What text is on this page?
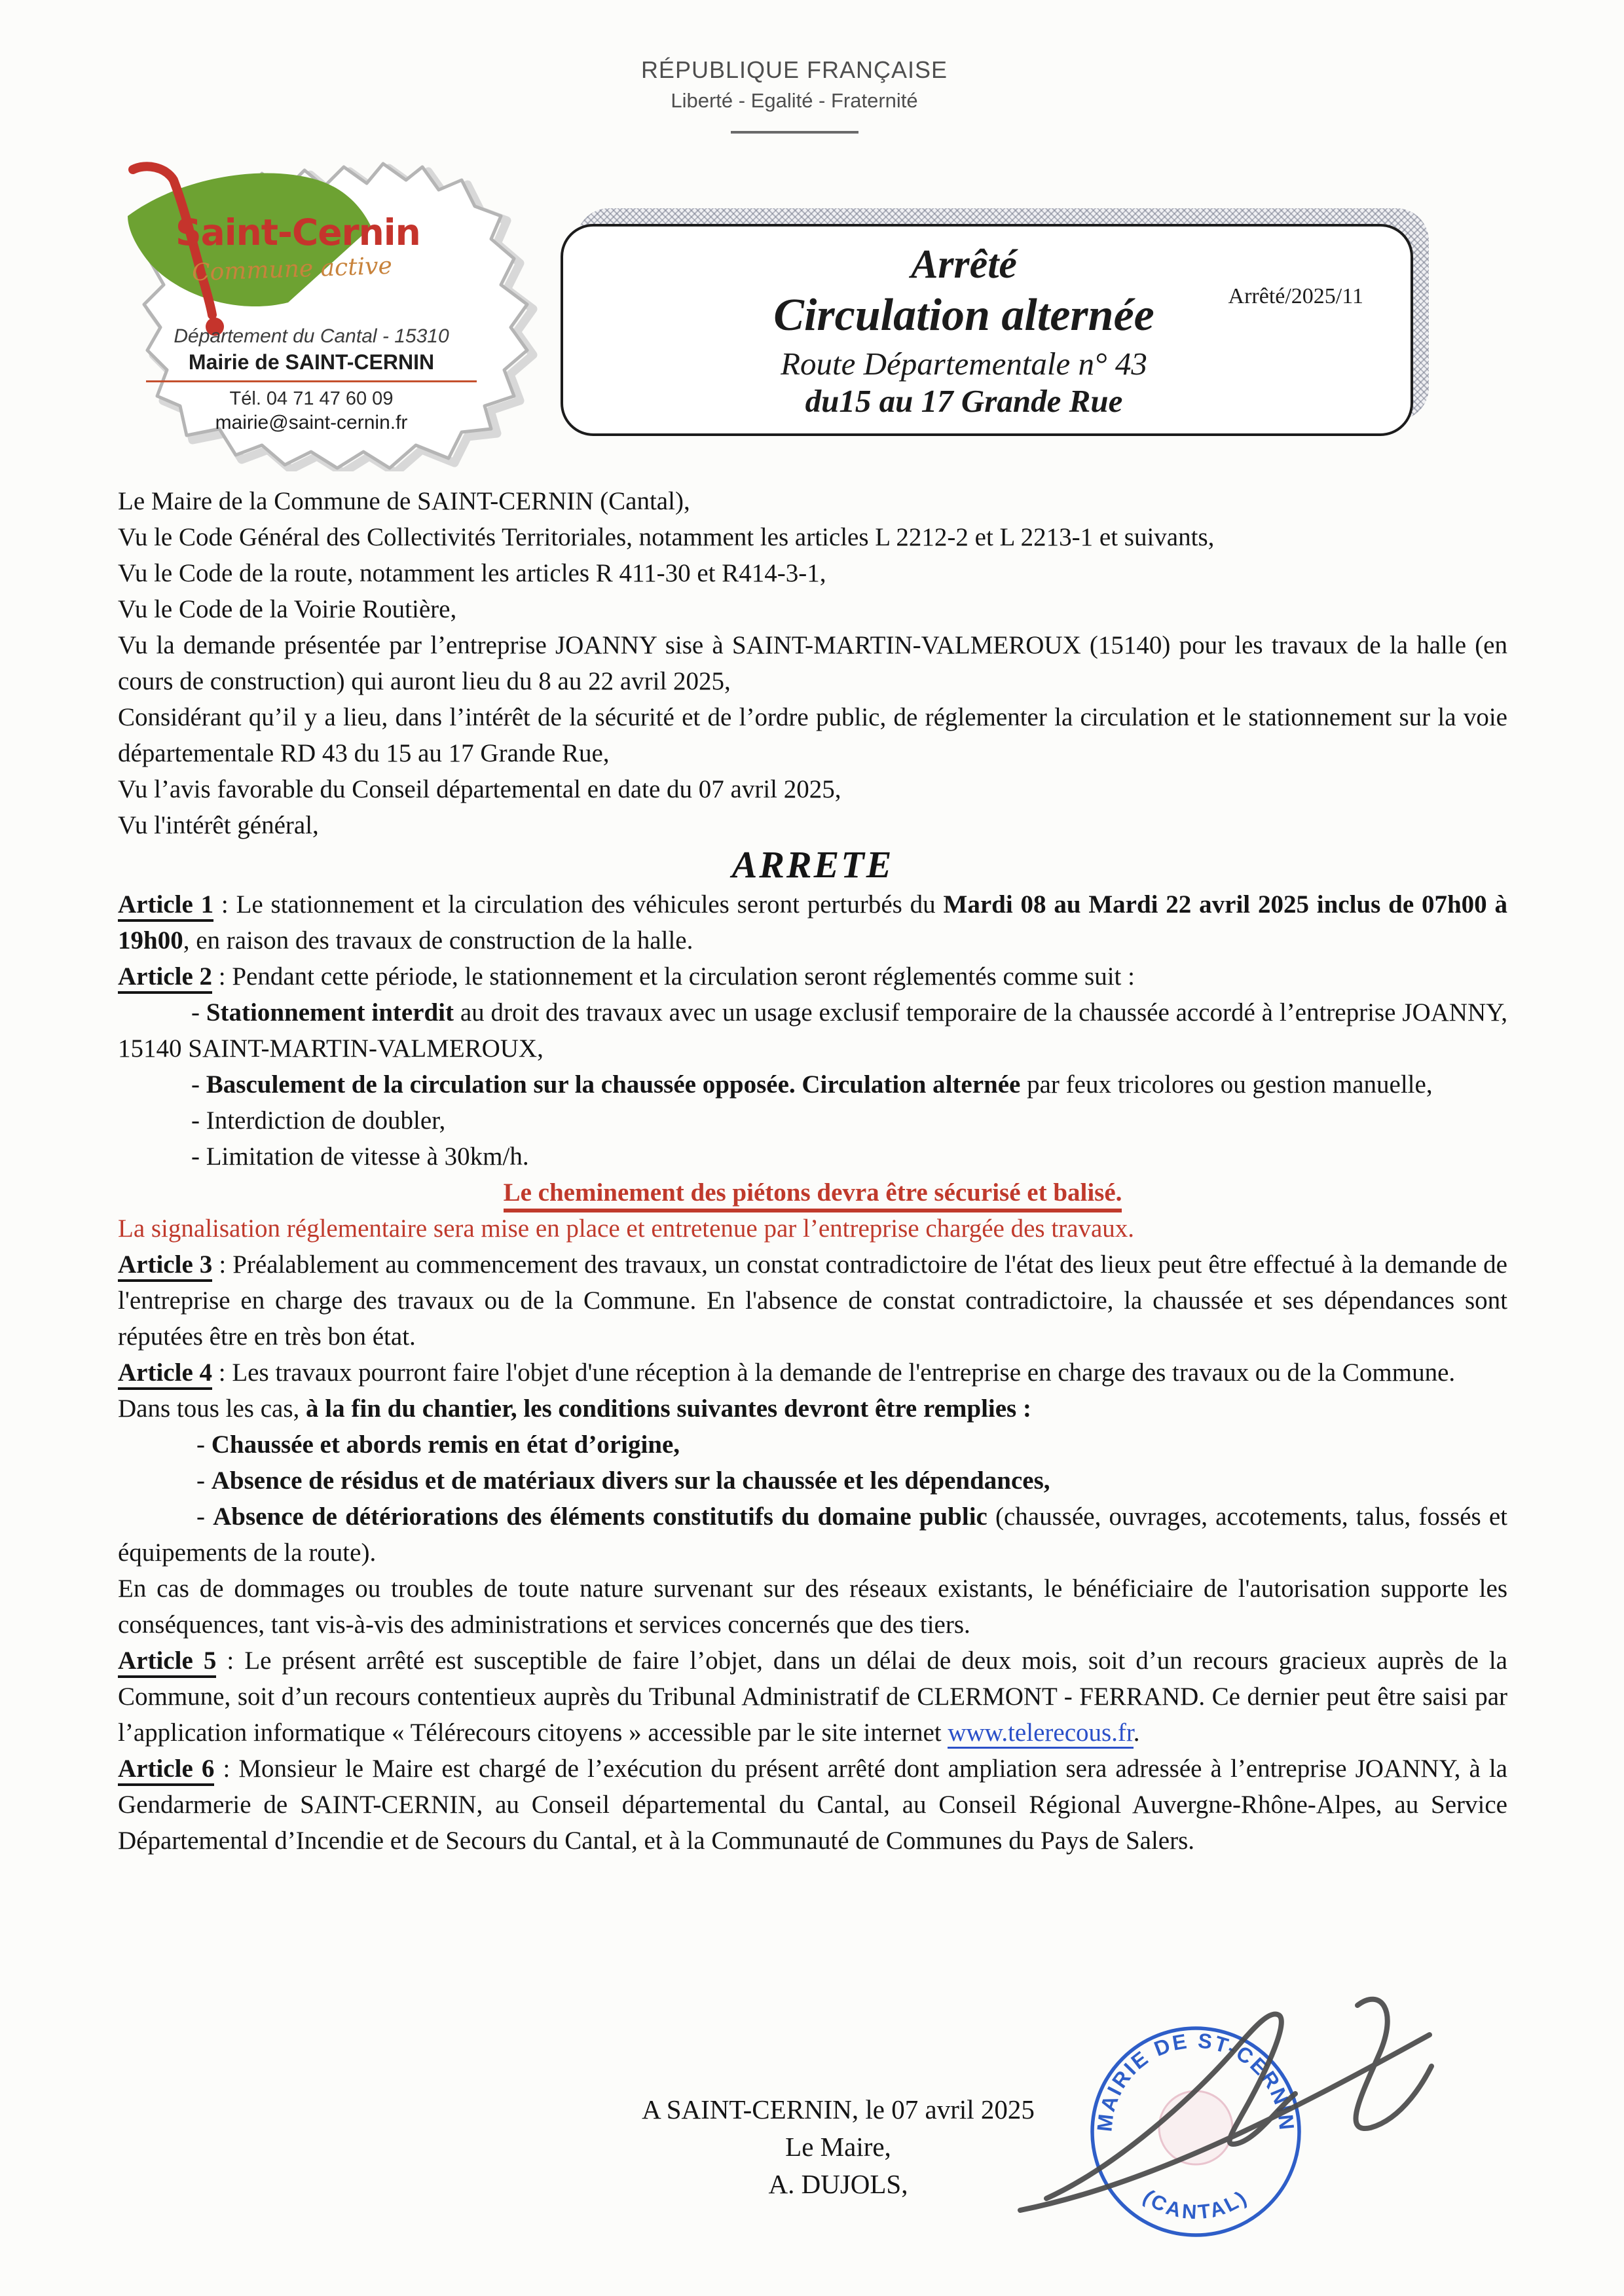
RÉPUBLIQUE FRANÇAISE
Liberté - Egalité - Fraternité
Saint-Cernin
Commune active
Département du Cantal - 15310
Mairie de SAINT-CERNIN
Tél. 04 71 47 60 09
mairie@saint-cernin.fr
Arrêté
Circulation alternée
Route Départementale n° 43
du15 au 17 Grande Rue
Arrêté/2025/11

Le Maire de la Commune de SAINT-CERNIN (Cantal),

Vu le Code Général des Collectivités Territoriales, notamment les articles L 2212-2 et L 2213-1 et suivants,

Vu le Code de la route, notamment les articles R 411-30 et R414-3-1,

Vu le Code de la Voirie Routière,

Vu la demande présentée par l’entreprise JOANNY sise à SAINT-MARTIN-VALMEROUX (15140) pour les travaux de la halle (en cours de construction) qui auront lieu du 8 au 22 avril 2025,

Considérant qu’il y a lieu, dans l’intérêt de la sécurité et de l’ordre public, de réglementer la circulation et le stationnement sur la voie départementale RD 43 du 15 au 17 Grande Rue,

Vu l’avis favorable du Conseil départemental en date du 07 avril 2025,

Vu l'intérêt général,

ARRETE

Article 1 : Le stationnement et la circulation des véhicules seront perturbés du Mardi 08 au Mardi 22 avril 2025 inclus de 07h00 à 19h00, en raison des travaux de construction de la halle.

Article 2 : Pendant cette période, le stationnement et la circulation seront réglementés comme suit :

- Stationnement interdit au droit des travaux avec un usage exclusif temporaire de la chaussée accordé à l’entreprise JOANNY, 15140 SAINT-MARTIN-VALMEROUX,

- Basculement de la circulation sur la chaussée opposée. Circulation alternée par feux tricolores ou gestion manuelle,

- Interdiction de doubler,

- Limitation de vitesse à 30km/h.

Le cheminement des piétons devra être sécurisé et balisé.

La signalisation réglementaire sera mise en place et entretenue par l’entreprise chargée des travaux.

Article 3 : Préalablement au commencement des travaux, un constat contradictoire de l'état des lieux peut être effectué à la demande de l'entreprise en charge des travaux ou de la Commune. En l'absence de constat contradictoire, la chaussée et ses dépendances sont réputées être en très bon état.

Article 4 : Les travaux pourront faire l'objet d'une réception à la demande de l'entreprise en charge des travaux ou de la Commune.

Dans tous les cas, à la fin du chantier, les conditions suivantes devront être remplies :

- Chaussée et abords remis en état d’origine,

- Absence de résidus et de matériaux divers sur la chaussée et les dépendances,

- Absence de détériorations des éléments constitutifs du domaine public (chaussée, ouvrages, accotements, talus, fossés et équipements de la route).

En cas de dommages ou troubles de toute nature survenant sur des réseaux existants, le bénéficiaire de l'autorisation supporte les conséquences, tant vis-à-vis des administrations et services concernés que des tiers.

Article 5 : Le présent arrêté est susceptible de faire l’objet, dans un délai de deux mois, soit d’un recours gracieux auprès de la Commune, soit d’un recours contentieux auprès du Tribunal Administratif de CLERMONT - FERRAND. Ce dernier peut être saisi par l’application informatique « Télérecours citoyens » accessible par le site internet www.telerecous.fr.

Article 6 : Monsieur le Maire est chargé de l’exécution du présent arrêté dont ampliation sera adressée à l’entreprise JOANNY, à la Gendarmerie de SAINT-CERNIN, au Conseil départemental du Cantal, au Conseil Régional Auvergne-Rhône-Alpes, au Service Départemental d’Incendie et de Secours du Cantal, et à la Communauté de Communes du Pays de Salers.

A SAINT-CERNIN, le 07 avril 2025
Le Maire,
A. DUJOLS,
MAIRIE DE ST-CERNIN
(CANTAL)
